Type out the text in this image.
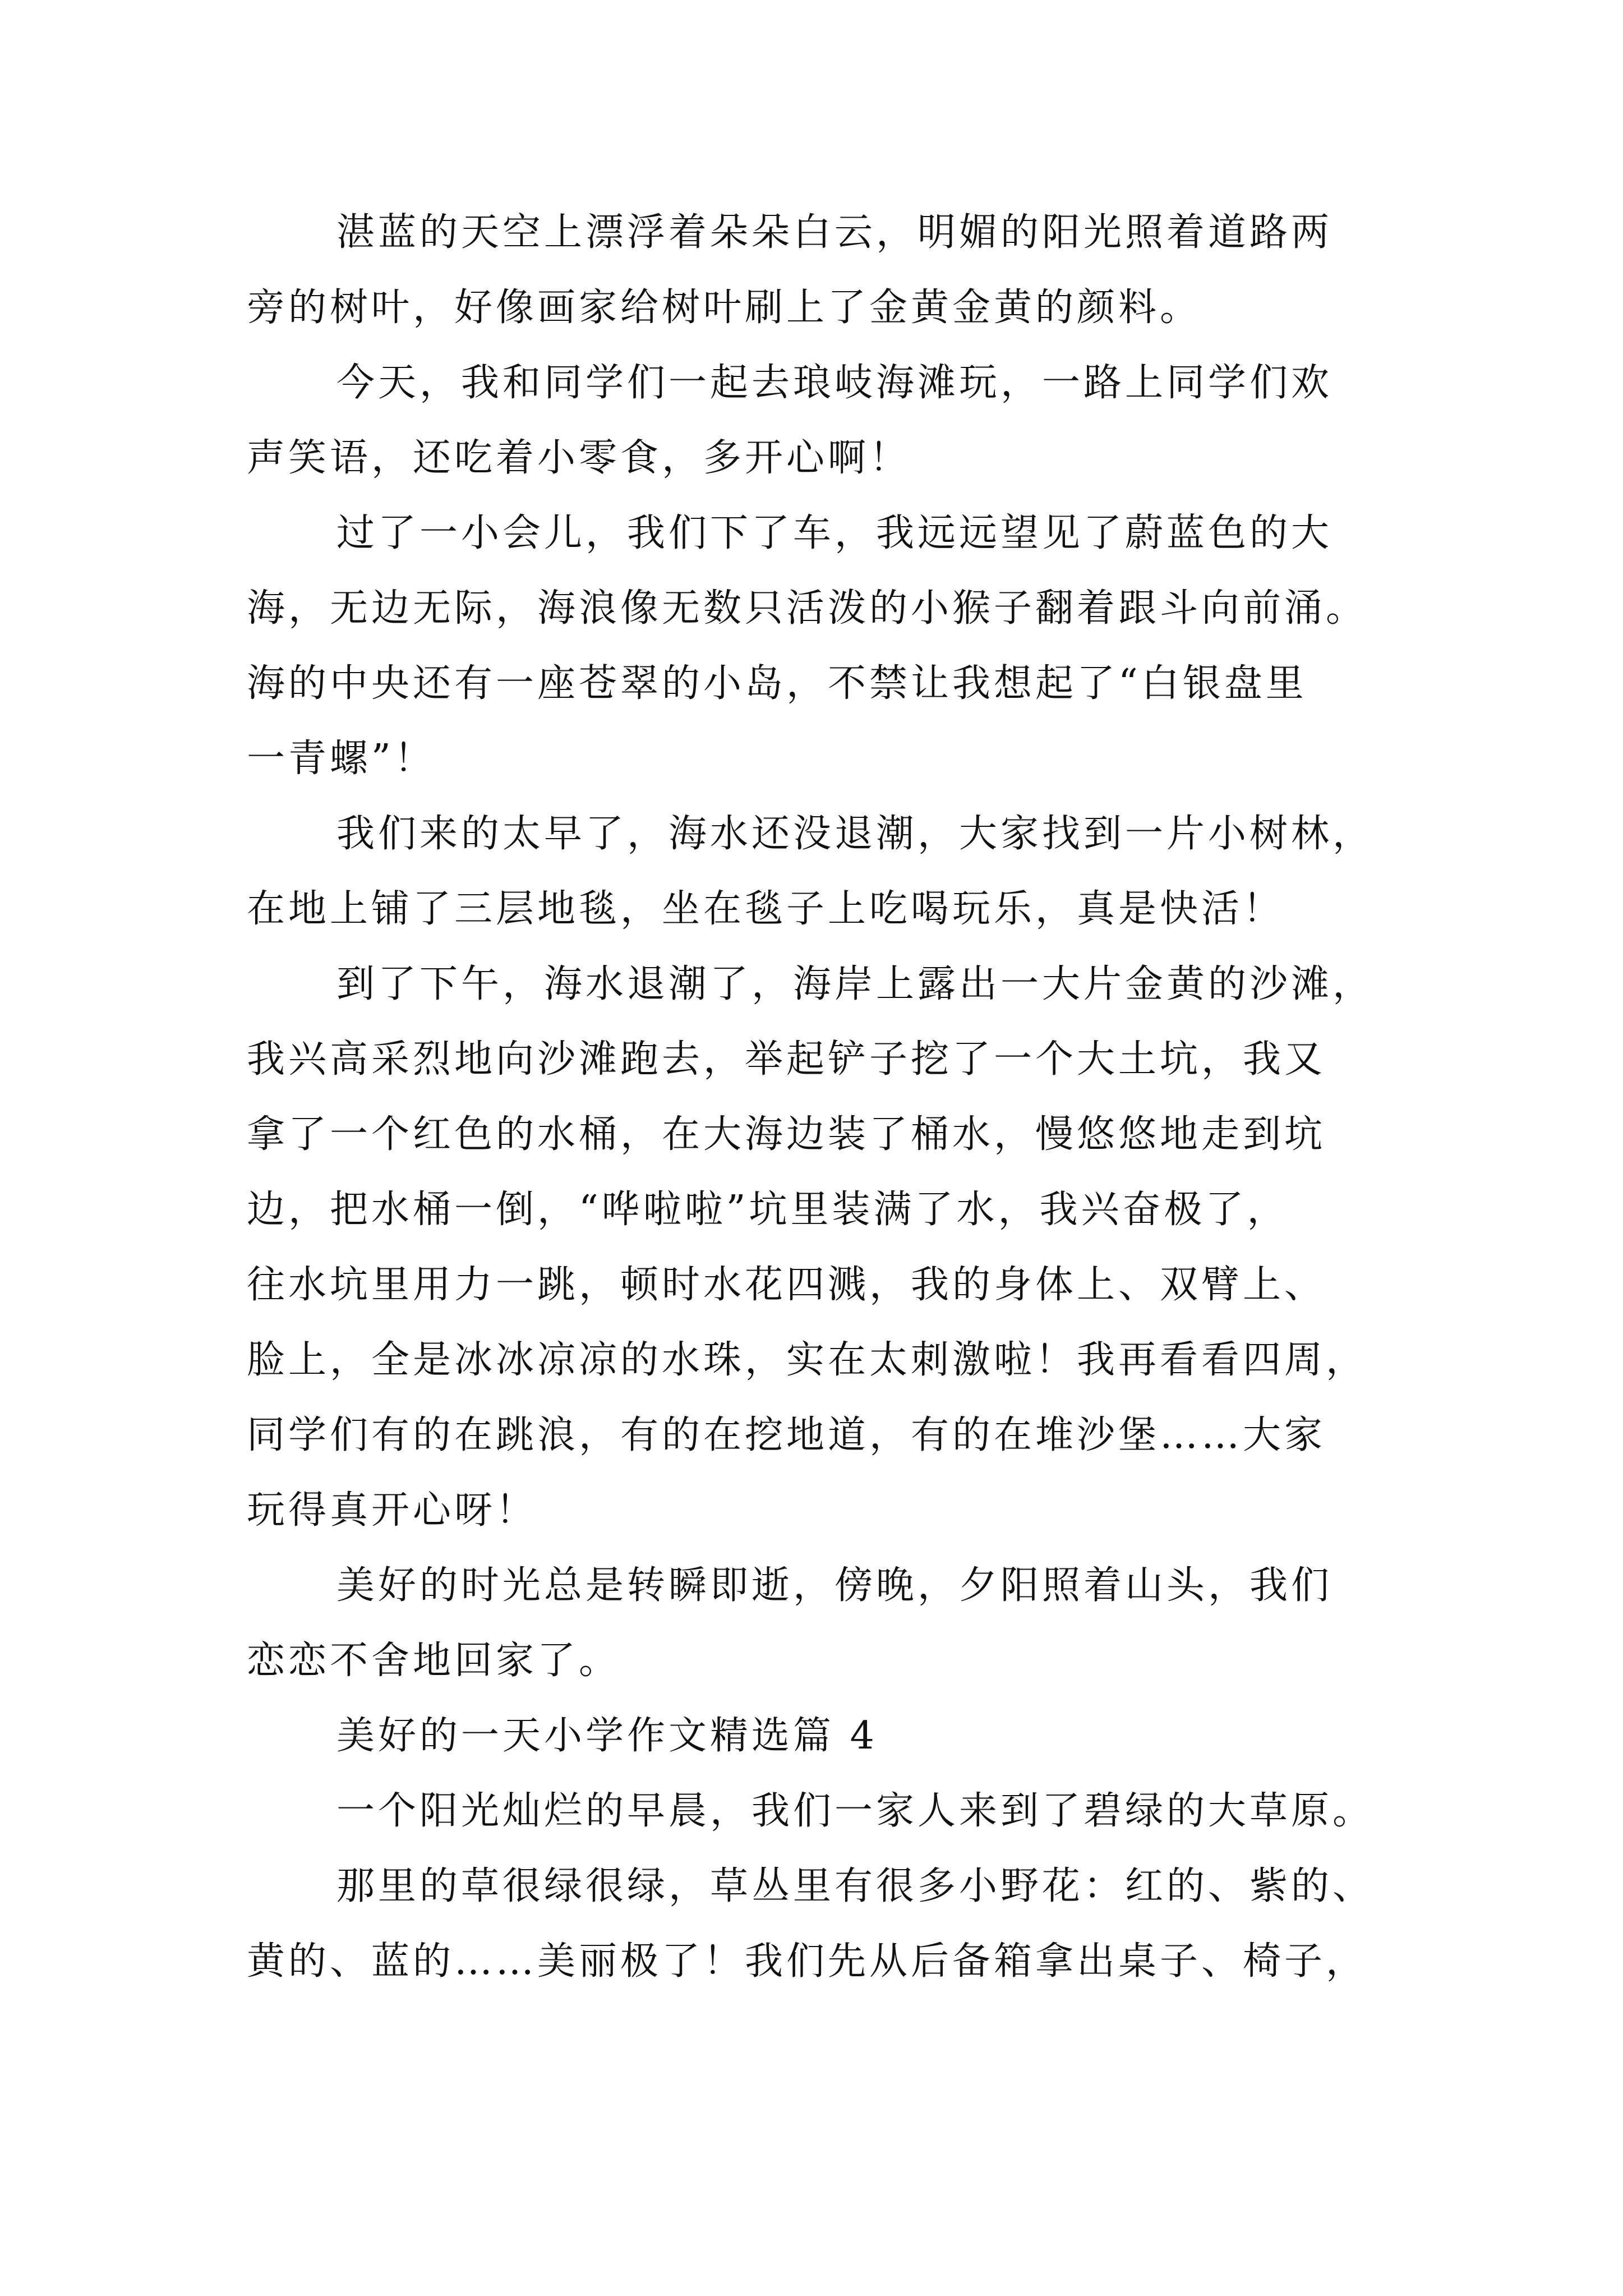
湛蓝的天空上漂浮着朵朵白云，明媚的阳光照着道路两
旁的树叶，好像画家给树叶刷上了金黄金黄的颜料。
今天，我和同学们一起去琅岐海滩玩，一路上同学们欢
声笑语，还吃着小零食，多开心啊！
过了一小会儿，我们下了车，我远远望见了蔚蓝色的大
海，无边无际，海浪像无数只活泼的小猴子翻着跟斗向前涌。
海的中央还有一座苍翠的小岛，不禁让我想起了“白银盘里
一青螺”！
我们来的太早了，海水还没退潮，大家找到一片小树林，
在地上铺了三层地毯，坐在毯子上吃喝玩乐，真是快活！
到了下午，海水退潮了，海岸上露出一大片金黄的沙滩，
我兴高采烈地向沙滩跑去，举起铲子挖了一个大土坑，我又
拿了一个红色的水桶，在大海边装了桶水，慢悠悠地走到坑
边，把水桶一倒，“哗啦啦”坑里装满了水，我兴奋极了，
往水坑里用力一跳，顿时水花四溅，我的身体上、双臂上、
脸上，全是冰冰凉凉的水珠，实在太刺激啦！我再看看四周，
同学们有的在跳浪，有的在挖地道，有的在堆沙堡……大家
玩得真开心呀！
美好的时光总是转瞬即逝，傍晚，夕阳照着山头，我们
恋恋不舍地回家了。
美好的一天小学作文精选篇 4
一个阳光灿烂的早晨，我们一家人来到了碧绿的大草原。
那里的草很绿很绿，草丛里有很多小野花：红的、紫的、
黄的、蓝的……美丽极了！我们先从后备箱拿出桌子、椅子，
